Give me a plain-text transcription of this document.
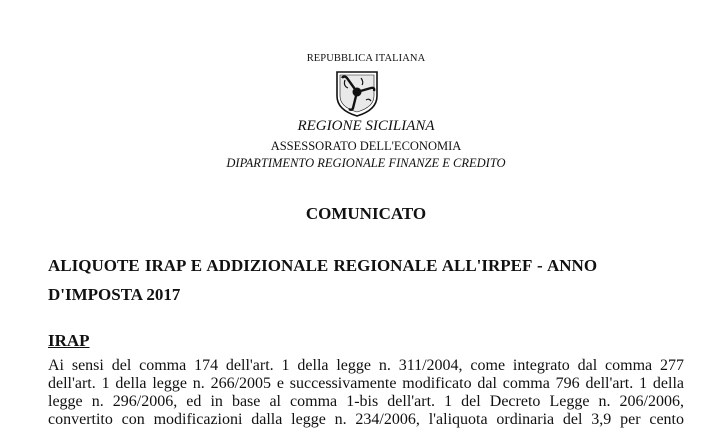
REPUBBLICA ITALIANA

REGIONE SICILIANA

ASSESSORATO DELL'ECONOMIA

DIPARTIMENTO REGIONALE FINANZE E CREDITO

COMUNICATO

ALIQUOTE IRAP E ADDIZIONALE REGIONALE ALL'IRPEF - ANNO

D'IMPOSTA 2017

IRAP

Ai sensi del comma 174 dell'art. 1 della legge n. 311/2004, come integrato dal comma 277

dell'art. 1 della legge n. 266/2005 e successivamente modificato dal comma 796 dell'art. 1 della

legge n. 296/2006, ed in base al comma 1-bis dell'art. 1 del Decreto Legge n. 206/2006,

convertito con modificazioni dalla legge n. 234/2006, l'aliquota ordinaria del 3,9 per cento
